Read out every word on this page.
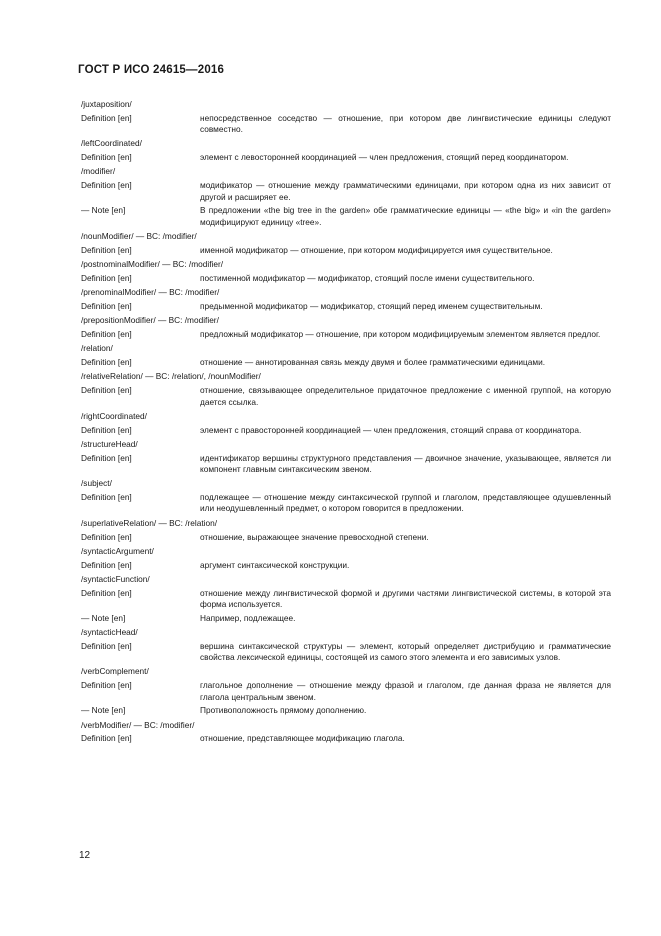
ГОСТ Р ИСО 24615—2016
/juxtaposition/
Definition [en]	непосредственное соседство — отношение, при котором две лингвистические единицы следуют совместно.
/leftCoordinated/
Definition [en]	элемент с левосторонней координацией — член предложения, стоящий перед координатором.
/modifier/
Definition [en]	модификатор — отношение между грамматическими единицами, при котором одна из них зависит от другой и расширяет ее.
— Note [en]	В предложении «the big tree in the garden» обе грамматические единицы — «the big» и «in the garden» модифицируют единицу «tree».
/nounModifier/ — BC: /modifier/
Definition [en]	именной модификатор — отношение, при котором модифицируется имя существительное.
/postnominalModifier/ — BC: /modifier/
Definition [en]	постименной модификатор — модификатор, стоящий после имени существительного.
/prenominalModifier/ — BC: /modifier/
Definition [en]	предыменной модификатор — модификатор, стоящий перед именем существительным.
/prepositionModifier/ — BC: /modifier/
Definition [en]	предложный модификатор — отношение, при котором модифицируемым элементом является предлог.
/relation/
Definition [en]	отношение — аннотированная связь между двумя и более грамматическими единицами.
/relativeRelation/ — BC: /relation/, /nounModifier/
Definition [en]	отношение, связывающее определительное придаточное предложение с именной группой, на которую дается ссылка.
/rightCoordinated/
Definition [en]	элемент с правосторонней координацией — член предложения, стоящий справа от координатора.
/structureHead/
Definition [en]	идентификатор вершины структурного представления — двоичное значение, указывающее, является ли компонент главным синтаксическим звеном.
/subject/
Definition [en]	подлежащее — отношение между синтаксической группой и глаголом, представляющее одушевленный или неодушевленный предмет, о котором говорится в предложении.
/superlativeRelation/ — BC: /relation/
Definition [en]	отношение, выражающее значение превосходной степени.
/syntacticArgument/
Definition [en]	аргумент синтаксической конструкции.
/syntacticFunction/
Definition [en]	отношение между лингвистической формой и другими частями лингвистической системы, в которой эта форма используется.
— Note [en]	Например, подлежащее.
/syntacticHead/
Definition [en]	вершина синтаксической структуры — элемент, который определяет дистрибуцию и грамматические свойства лексической единицы, состоящей из самого этого элемента и его зависимых узлов.
/verbComplement/
Definition [en]	глагольное дополнение — отношение между фразой и глаголом, где данная фраза не является для глагола центральным звеном.
— Note [en]	Противоположность прямому дополнению.
/verbModifier/ — BC: /modifier/
Definition [en]	отношение, представляющее модификацию глагола.
12
